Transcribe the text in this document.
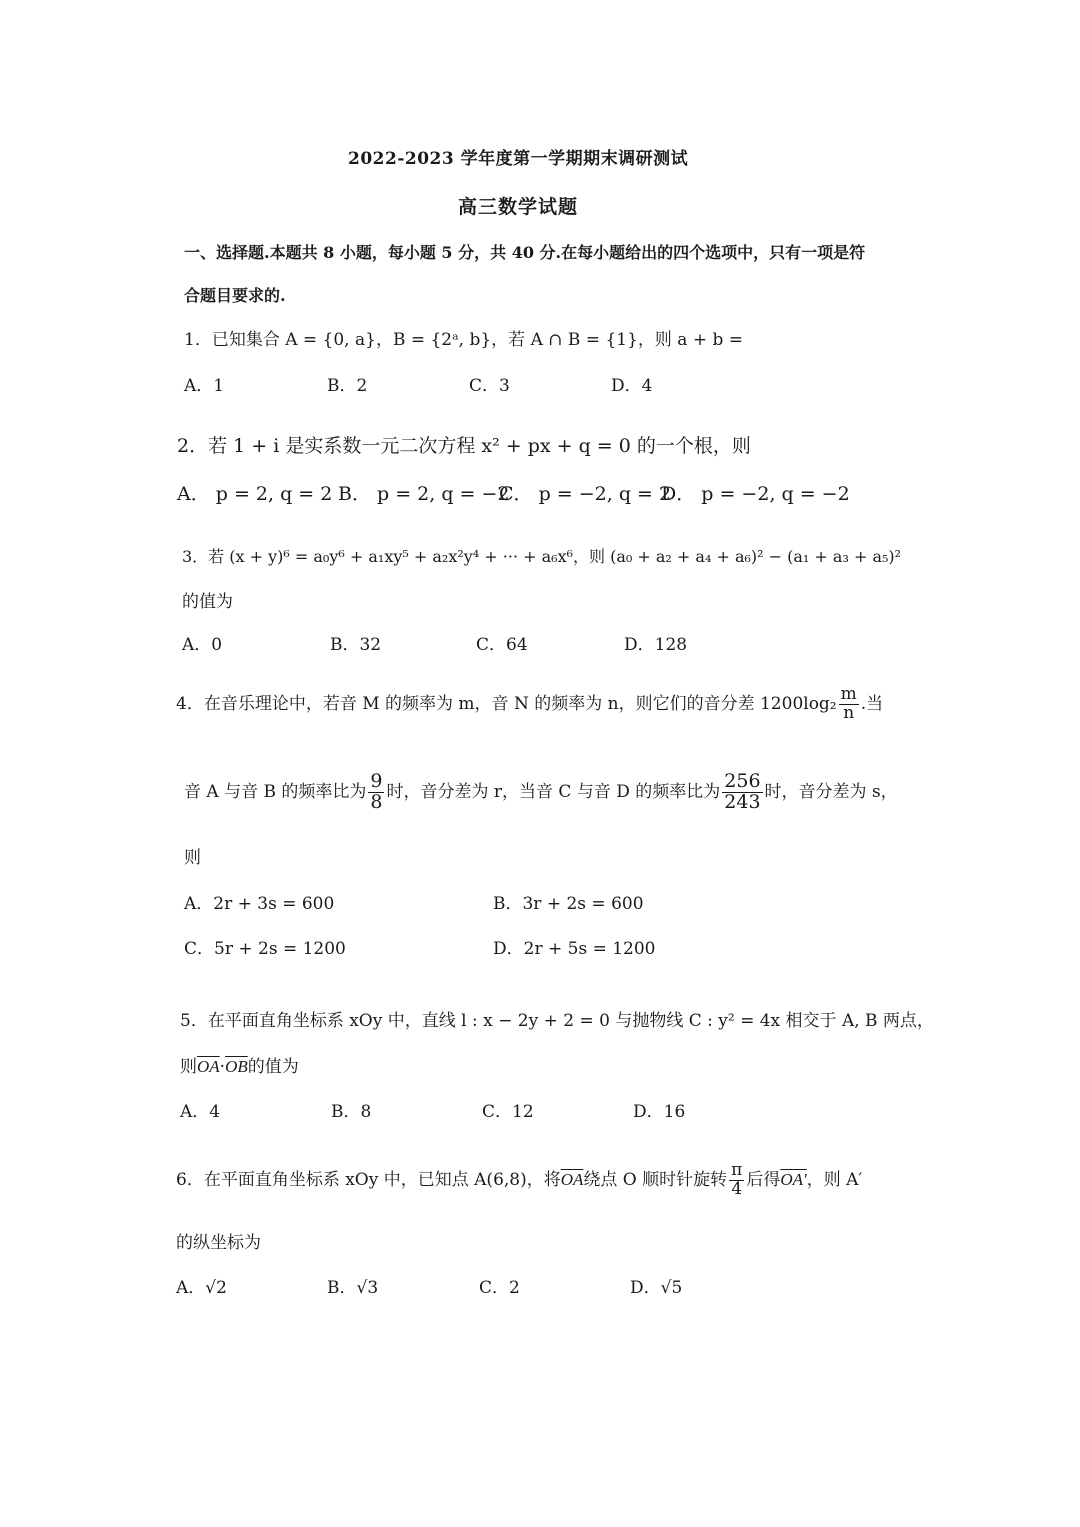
2022-2023 学年度第一学期期末调研测试
高三数学试题
一、选择题.本题共 8 小题，每小题 5 分，共 40 分.在每小题给出的四个选项中，只有一项是符
合题目要求的.
1．已知集合 A = {0, a}，B = {2ᵃ, b}，若 A ∩ B = {1}，则 a + b =
A．1	B．2	C．3	D．4
2．若 1 + i 是实系数一元二次方程 x² + px + q = 0 的一个根，则
A． p = 2, q = 2 B． p = 2, q = −2
C． p = −2, q = 2
D． p = −2, q = −2
3．若 (x + y)⁶ = a₀y⁶ + a₁xy⁵ + a₂x²y⁴ + ··· + a₆x⁶，则 (a₀ + a₂ + a₄ + a₆)² − (a₁ + a₃ + a₅)²
的值为
A．0	B．32	C．64	D．128
4．在音乐理论中，若音 M 的频率为 m，音 N 的频率为 n，则它们的音分差 $1200\log_2 \frac{m}{n}$ .当
音 A 与音 B 的频率比为 $\frac{9}{8}$ 时，音分差为 r，当音 C 与音 D 的频率比为 $\frac{256}{243}$ 时，音分差为 s，
则
A．2r + 3s = 600	B．3r + 2s = 600
C．5r + 2s = 1200	D．2r + 5s = 1200
5．在平面直角坐标系 xOy 中，直线 l : x − 2y + 2 = 0 与抛物线 C : y² = 4x 相交于 A, B 两点，
则$\overline{OA}\cdot\overline{OB}$的值为
A．4	B．8	C．12	D．16
6．在平面直角坐标系 xOy 中，已知点 A(6,8)，将$\overline{OA}$绕点 O 顺时针旋转 $\frac{\pi}{4}$ 后得OA′，则 A′
的纵坐标为
A．√2	B．√3	C．2	D．√5
